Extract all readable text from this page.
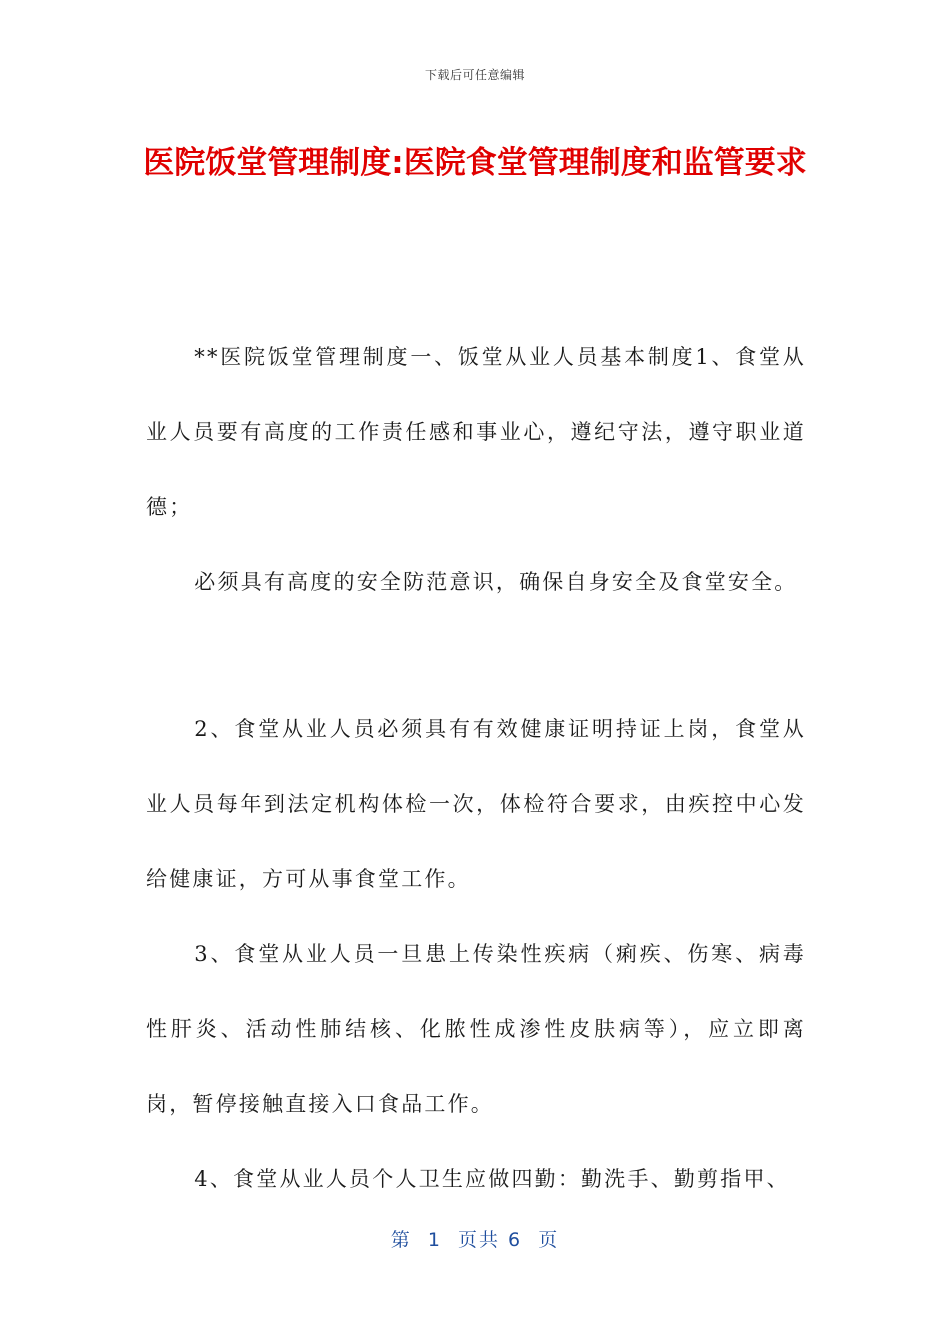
下载后可任意编辑
医院饭堂管理制度:医院食堂管理制度和监管要求

**医院饭堂管理制度一、饭堂从业人员基本制度1、食堂从业人员要有高度的工作责任感和事业心，遵纪守法，遵守职业道德；

必须具有高度的安全防范意识，确保自身安全及食堂安全。

2、食堂从业人员必须具有有效健康证明持证上岗，食堂从业人员每年到法定机构体检一次，体检符合要求，由疾控中心发给健康证，方可从事食堂工作。

3、食堂从业人员一旦患上传染性疾病（痢疾、伤寒、病毒性肝炎、活动性肺结核、化脓性成渗性皮肤病等），应立即离岗，暂停接触直接入口食品工作。

4、食堂从业人员个人卫生应做四勤：勤洗手、勤剪指甲、

第  1  页共 6  页
